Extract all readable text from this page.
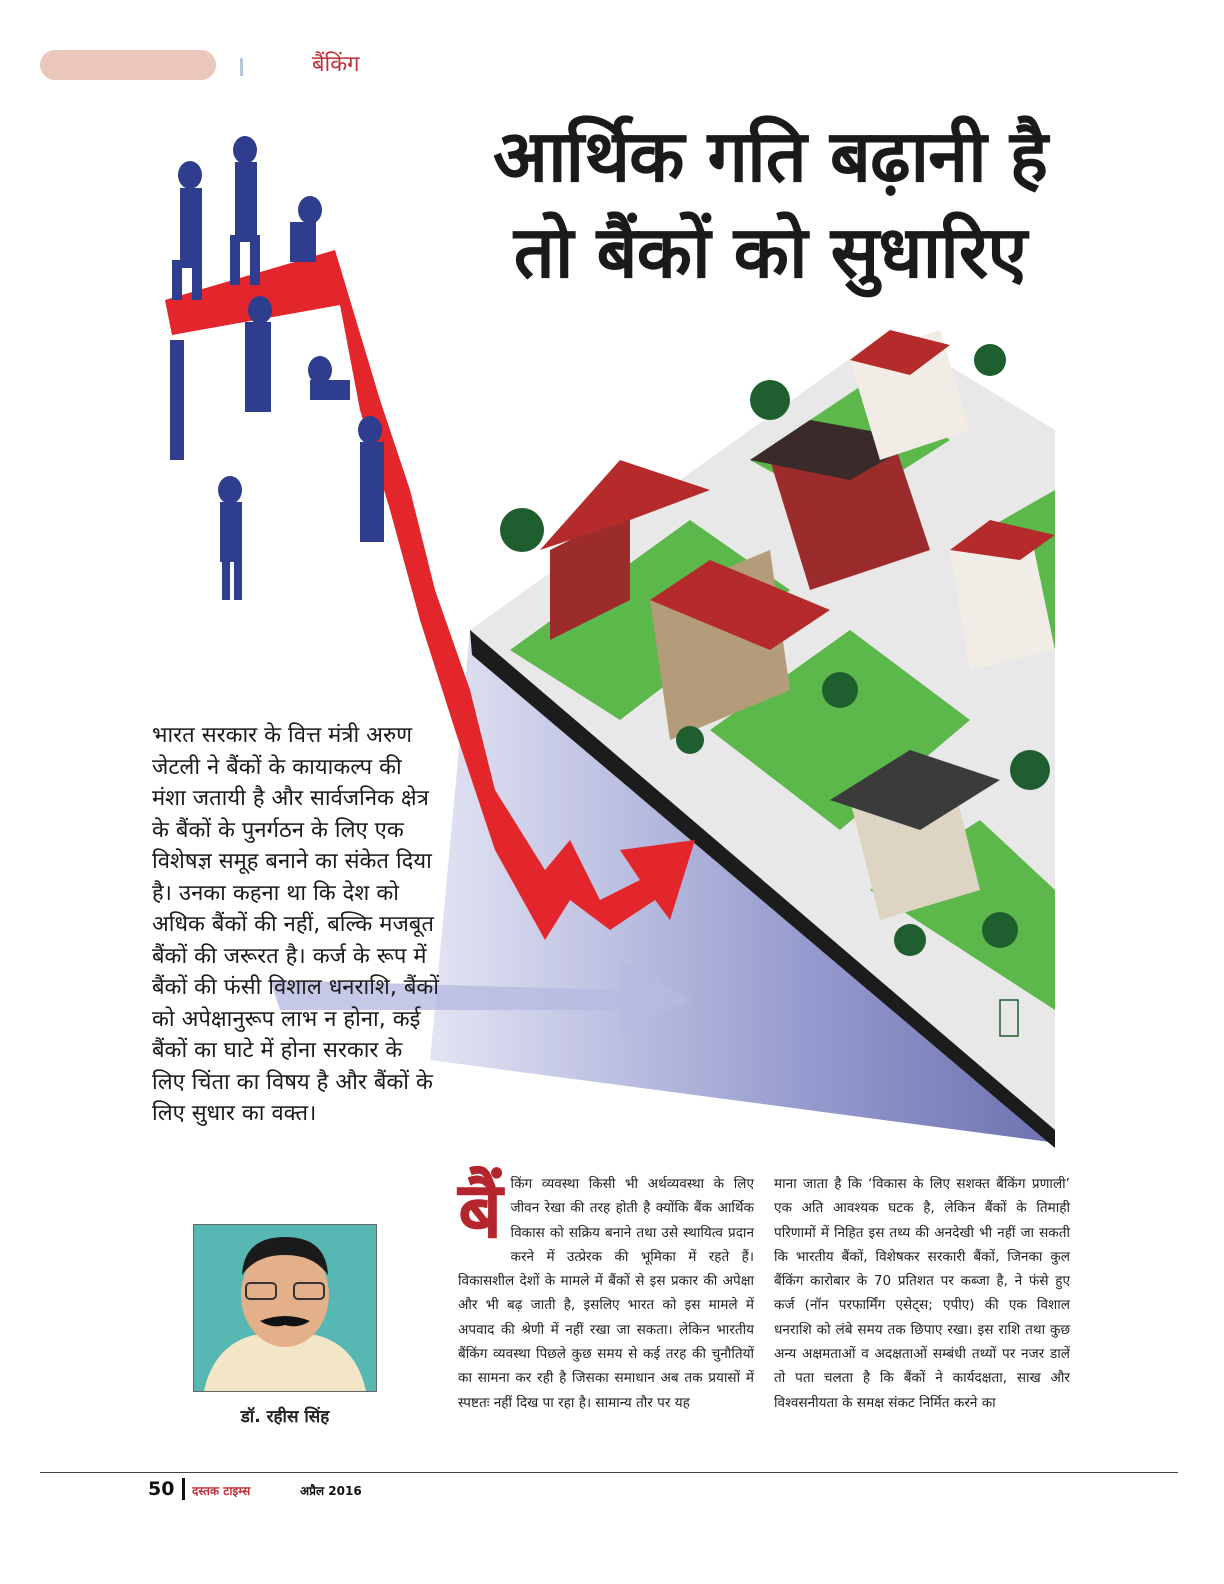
बैंकिंग
आर्थिक गति बढ़ानी है
तो बैंकों को सुधारिए
भारत सरकार के वित्त मंत्री अरुण जेटली ने बैंकों के कायाकल्प की मंशा जतायी है और सार्वजनिक क्षेत्र के बैंकों के पुनर्गठन के लिए एक विशेषज्ञ समूह बनाने का संकेत दिया है। उनका कहना था कि देश को अधिक बैंकों की नहीं, बल्कि मजबूत बैंकों की जरूरत है। कर्ज के रूप में बैंकों की फंसी विशाल धनराशि, बैंकों को अपेक्षानुरूप लाभ न होना, कई बैंकों का घाटे में होना सरकार के लिए चिंता का विषय है और बैंकों के लिए सुधार का वक्त।
डॉ. रहीस सिंह
बैं किंग व्यवस्था किसी भी अर्थव्यवस्था के लिए जीवन रेखा की तरह होती है क्योंकि बैंक आर्थिक विकास को सक्रिय बनाने तथा उसे स्थायित्व प्रदान करने में उत्प्रेरक की भूमिका में रहते हैं। विकासशील देशों के मामले में बैंकों से इस प्रकार की अपेक्षा और भी बढ़ जाती है, इसलिए भारत को इस मामले में अपवाद की श्रेणी में नहीं रखा जा सकता। लेकिन भारतीय बैंकिंग व्यवस्था पिछले कुछ समय से कई तरह की चुनौतियों का सामना कर रही है जिसका समाधान अब तक प्रयासों में स्पष्टतः नहीं दिख पा रहा है। सामान्य तौर पर यह
माना जाता है कि ‘विकास के लिए सशक्त बैंकिंग प्रणाली’ एक अति आवश्यक घटक है, लेकिन बैंकों के तिमाही परिणामों में निहित इस तथ्य की अनदेखी भी नहीं जा सकती कि भारतीय बैंकों, विशेषकर सरकारी बैंकों, जिनका कुल बैंकिंग कारोबार के 70 प्रतिशत पर कब्जा है, ने फंसे हुए कर्ज (नॉन परफार्मिंग एसेट्स; एपीए) की एक विशाल धनराशि को लंबे समय तक छिपाए रखा। इस राशि तथा कुछ अन्य अक्षमताओं व अदक्षताओं सम्बंधी तथ्यों पर नजर डालें तो पता चलता है कि बैंकों ने कार्यदक्षता, साख और विश्वसनीयता के समक्ष संकट निर्मित करने का
50 दस्तक टाइम्स	अप्रैल 2016
